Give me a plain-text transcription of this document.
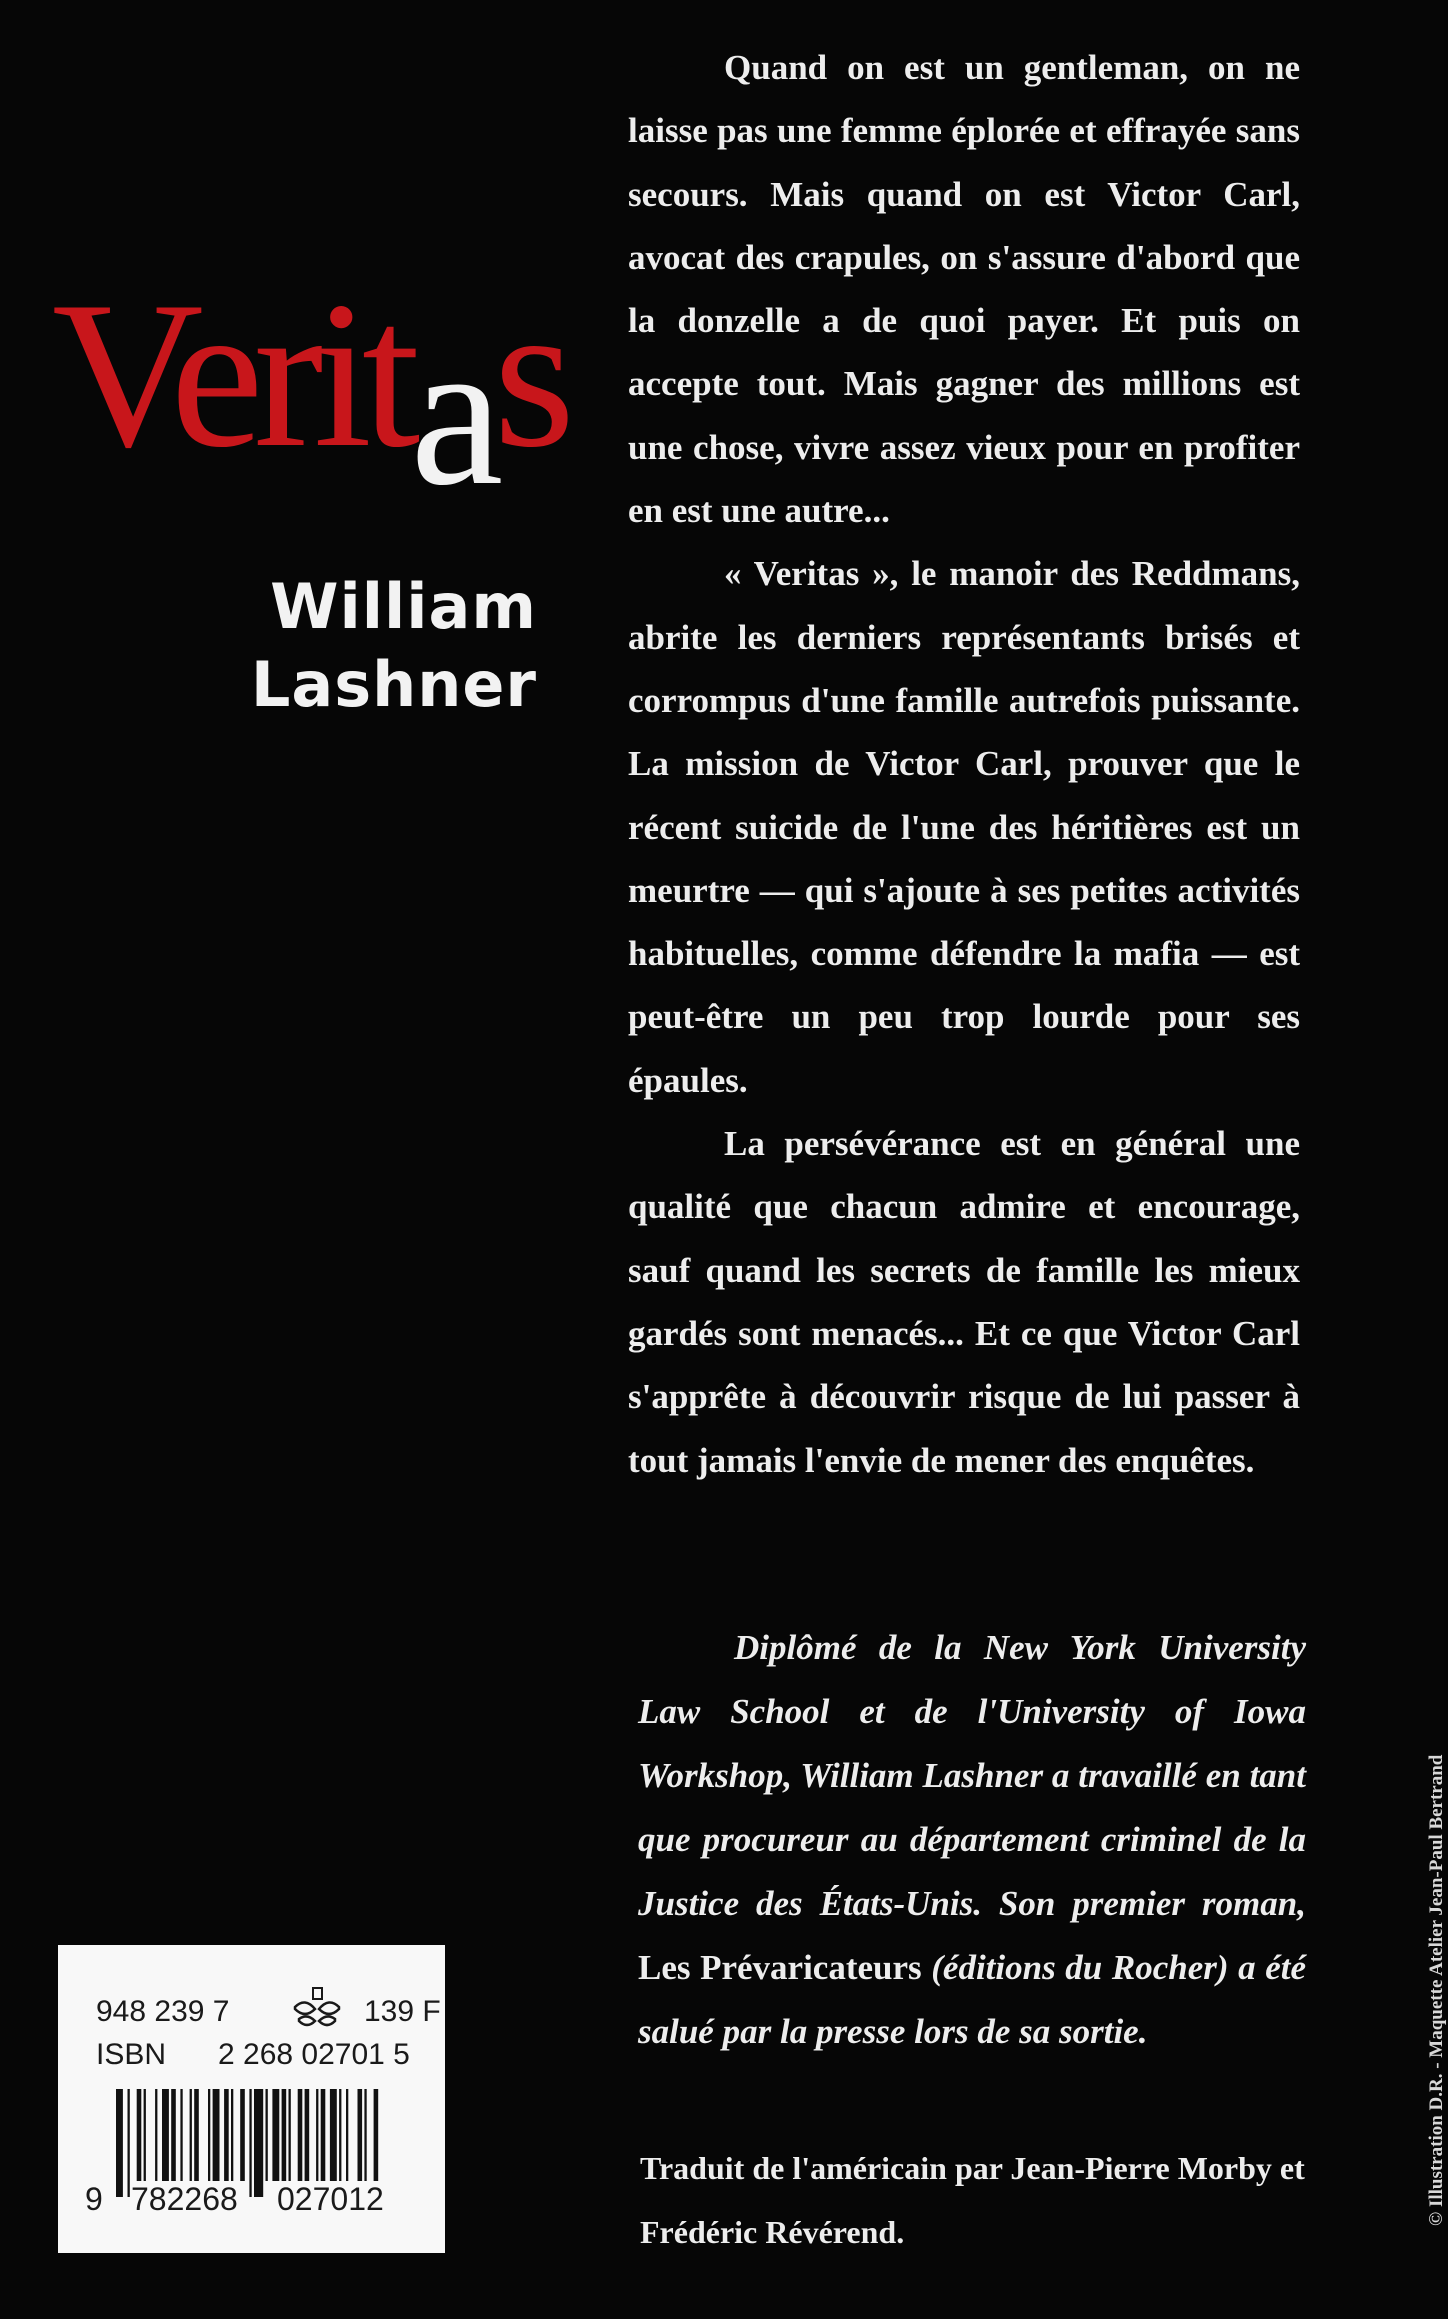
Veritas
William
Lashner

Quand on est un gentleman, on ne laisse pas une femme éplorée et effrayée sans secours. Mais quand on est Victor Carl, avocat des crapules, on s'assure d'abord que la donzelle a de quoi payer. Et puis on accepte tout. Mais gagner des millions est une chose, vivre assez vieux pour en profiter en est une autre...

« Veritas », le manoir des Reddmans, abrite les derniers représentants brisés et corrompus d'une famille autrefois puissante. La mission de Victor Carl, prouver que le récent suicide de l'une des héritières est un meurtre — qui s'ajoute à ses petites activités habituelles, comme défendre la mafia — est peut-être un peu trop lourde pour ses épaules.

La persévérance est en général une qualité que chacun admire et encourage, sauf quand les secrets de famille les mieux gardés sont menacés... Et ce que Victor Carl s'apprête à découvrir risque de lui passer à tout jamais l'envie de mener des enquêtes.

Diplômé de la New York University Law School et de l'University of Iowa Workshop, William Lashner a travaillé en tant que procureur au département criminel de la Justice des États-Unis. Son premier roman, Les Prévaricateurs (éditions du Rocher) a été salué par la presse lors de sa sortie.

Traduit de l'américain par Jean-Pierre Morby et Frédéric Révérend.
© Illustration D.R. - Maquette Atelier Jean-Paul Bertrand
948 239 7	139 F
ISBN 2 268 02701 5
9 782268 027012
